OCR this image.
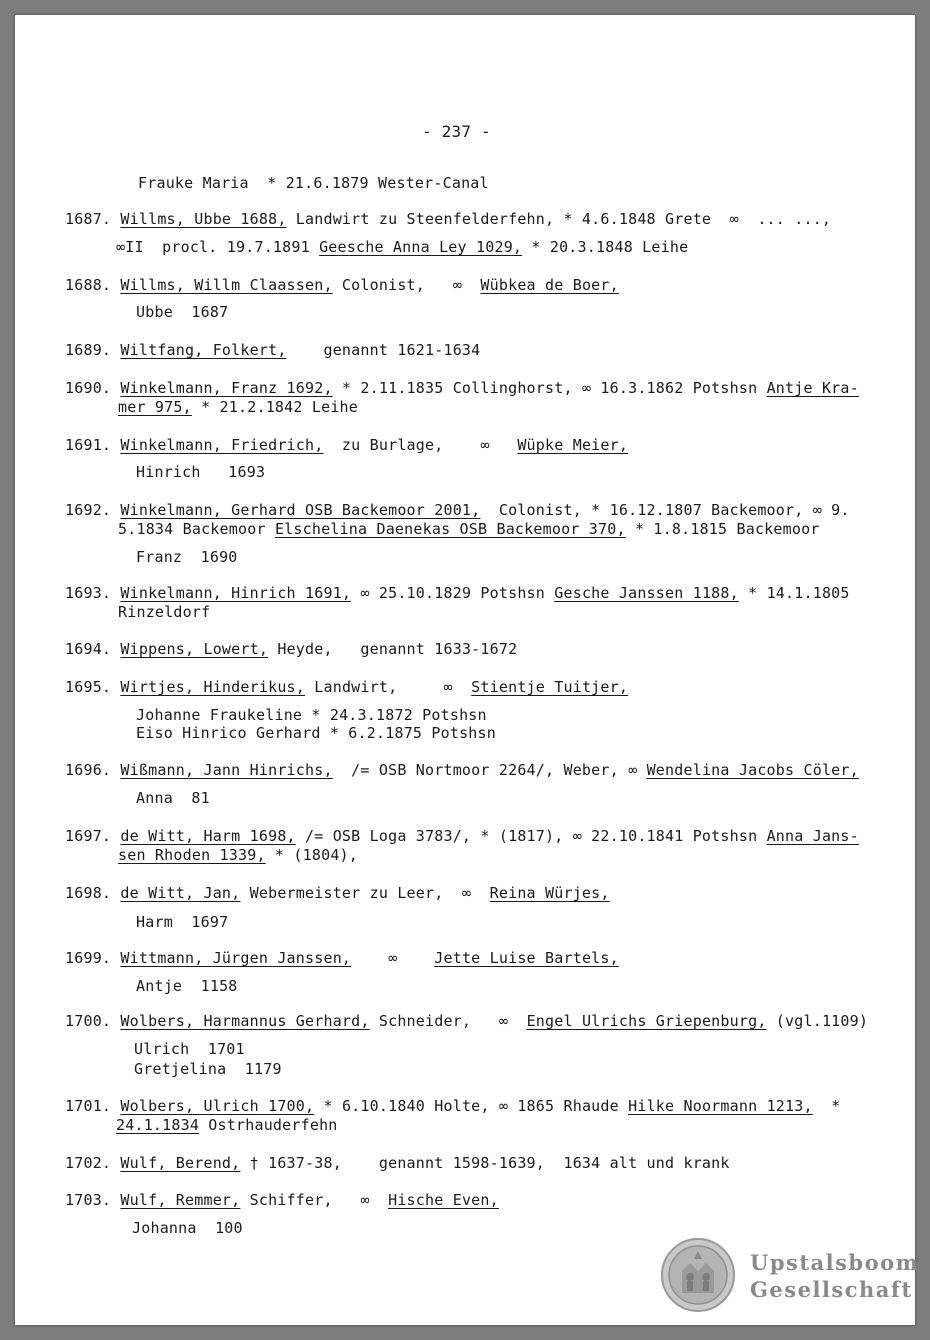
- 237 -
Frauke Maria  * 21.6.1879 Wester-Canal
1687. Willms, Ubbe 1688, Landwirt zu Steenfelderfehn, * 4.6.1848 Grete  ∞  ... ...,
∞II  procl. 19.7.1891 Geesche Anna Ley 1029, * 20.3.1848 Leihe
1688. Willms, Willm Claassen, Colonist,   ∞  Wübkea de Boer,
Ubbe  1687
1689. Wiltfang, Folkert,    genannt 1621-1634
1690. Winkelmann, Franz 1692, * 2.11.1835 Collinghorst, ∞ 16.3.1862 Potshsn Antje Kra-
mer 975, * 21.2.1842 Leihe
1691. Winkelmann, Friedrich,  zu Burlage,    ∞   Wüpke Meier,
Hinrich   1693
1692. Winkelmann, Gerhard OSB Backemoor 2001,  Colonist, * 16.12.1807 Backemoor, ∞ 9.
5.1834 Backemoor Elschelina Daenekas OSB Backemoor 370, * 1.8.1815 Backemoor
Franz  1690
1693. Winkelmann, Hinrich 1691, ∞ 25.10.1829 Potshsn Gesche Janssen 1188, * 14.1.1805
Rinzeldorf
1694. Wippens, Lowert, Heyde,   genannt 1633-1672
1695. Wirtjes, Hinderikus, Landwirt,     ∞  Stientje Tuitjer,
Johanne Fraukeline * 24.3.1872 Potshsn
Eiso Hinrico Gerhard * 6.2.1875 Potshsn
1696. Wißmann, Jann Hinrichs,  /= OSB Nortmoor 2264/, Weber, ∞ Wendelina Jacobs Cöler,
Anna  81
1697. de Witt, Harm 1698, /= OSB Loga 3783/, * (1817), ∞ 22.10.1841 Potshsn Anna Jans-
sen Rhoden 1339, * (1804),
1698. de Witt, Jan, Webermeister zu Leer,  ∞  Reina Würjes,
Harm  1697
1699. Wittmann, Jürgen Janssen,    ∞    Jette Luise Bartels,
Antje  1158
1700. Wolbers, Harmannus Gerhard, Schneider,   ∞  Engel Ulrichs Griepenburg, (vgl.1109)
Ulrich  1701
Gretjelina  1179
1701. Wolbers, Ulrich 1700, * 6.10.1840 Holte, ∞ 1865 Rhaude Hilke Noormann 1213,  *
24.1.1834 Ostrhauderfehn
1702. Wulf, Berend, † 1637-38,    genannt 1598-1639,  1634 alt und krank
1703. Wulf, Remmer, Schiffer,   ∞  Hische Even,
Johanna  100
Upstalsboom
Gesellschaft
